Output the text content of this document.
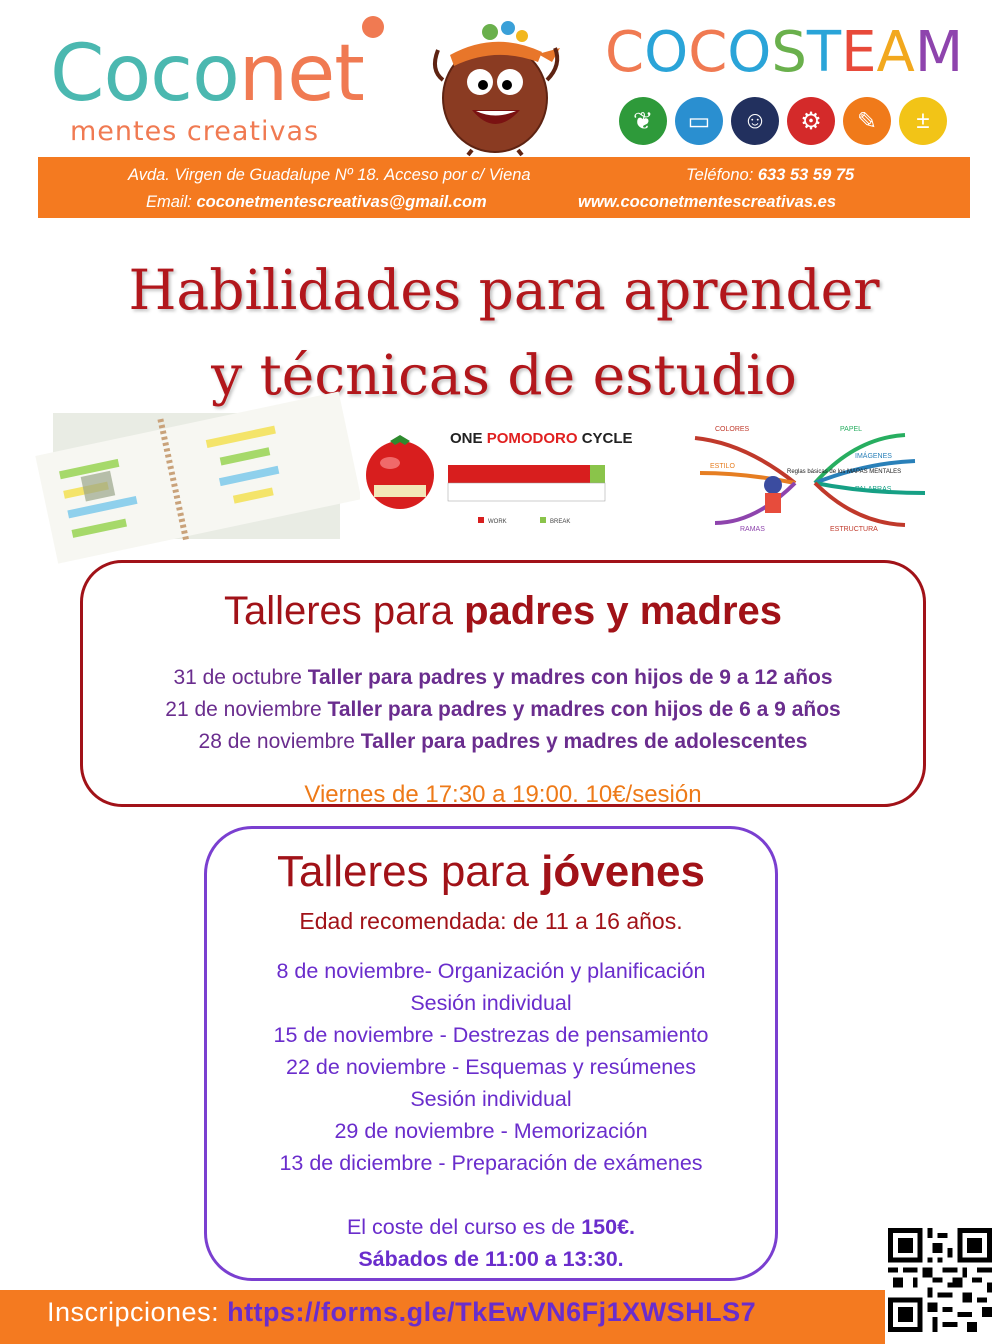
Coconet
mentes creativas
COCOSTEAM
❦	▭	☺	⚙	✎	±
Avda. Virgen de Guadalupe Nº 18. Acceso por c/ Viena	Teléfono: 633 53 59 75
Email: coconetmentescreativas@gmail.com	www.coconetmentescreativas.es
Habilidades para aprender
y técnicas de estudio
ONE POMODORO CYCLE
WORK	BREAK
Reglas básicas de los MAPAS MENTALES
COLORES
ESTILO
RAMAS
PAPEL
IMÁGENES
PALABRAS
ESTRUCTURA
Talleres para padres y madres
31 de octubre Taller para padres y madres con hijos de 9 a 12 años
21 de noviembre Taller para padres y madres con hijos de 6 a 9 años
28 de noviembre Taller para padres y madres de adolescentes
Viernes de 17:30 a 19:00. 10€/sesión
Talleres para jóvenes
Edad recomendada: de 11 a 16 años.
8 de noviembre- Organización y planificación
Sesión individual
15 de noviembre - Destrezas de pensamiento
22 de noviembre - Esquemas y resúmenes
Sesión individual
29 de noviembre - Memorización
13 de diciembre - Preparación de exámenes
El coste del curso es de 150€.
Sábados de 11:00 a 13:30.
Inscripciones: https://forms.gle/TkEwVN6Fj1XWSHLS7
